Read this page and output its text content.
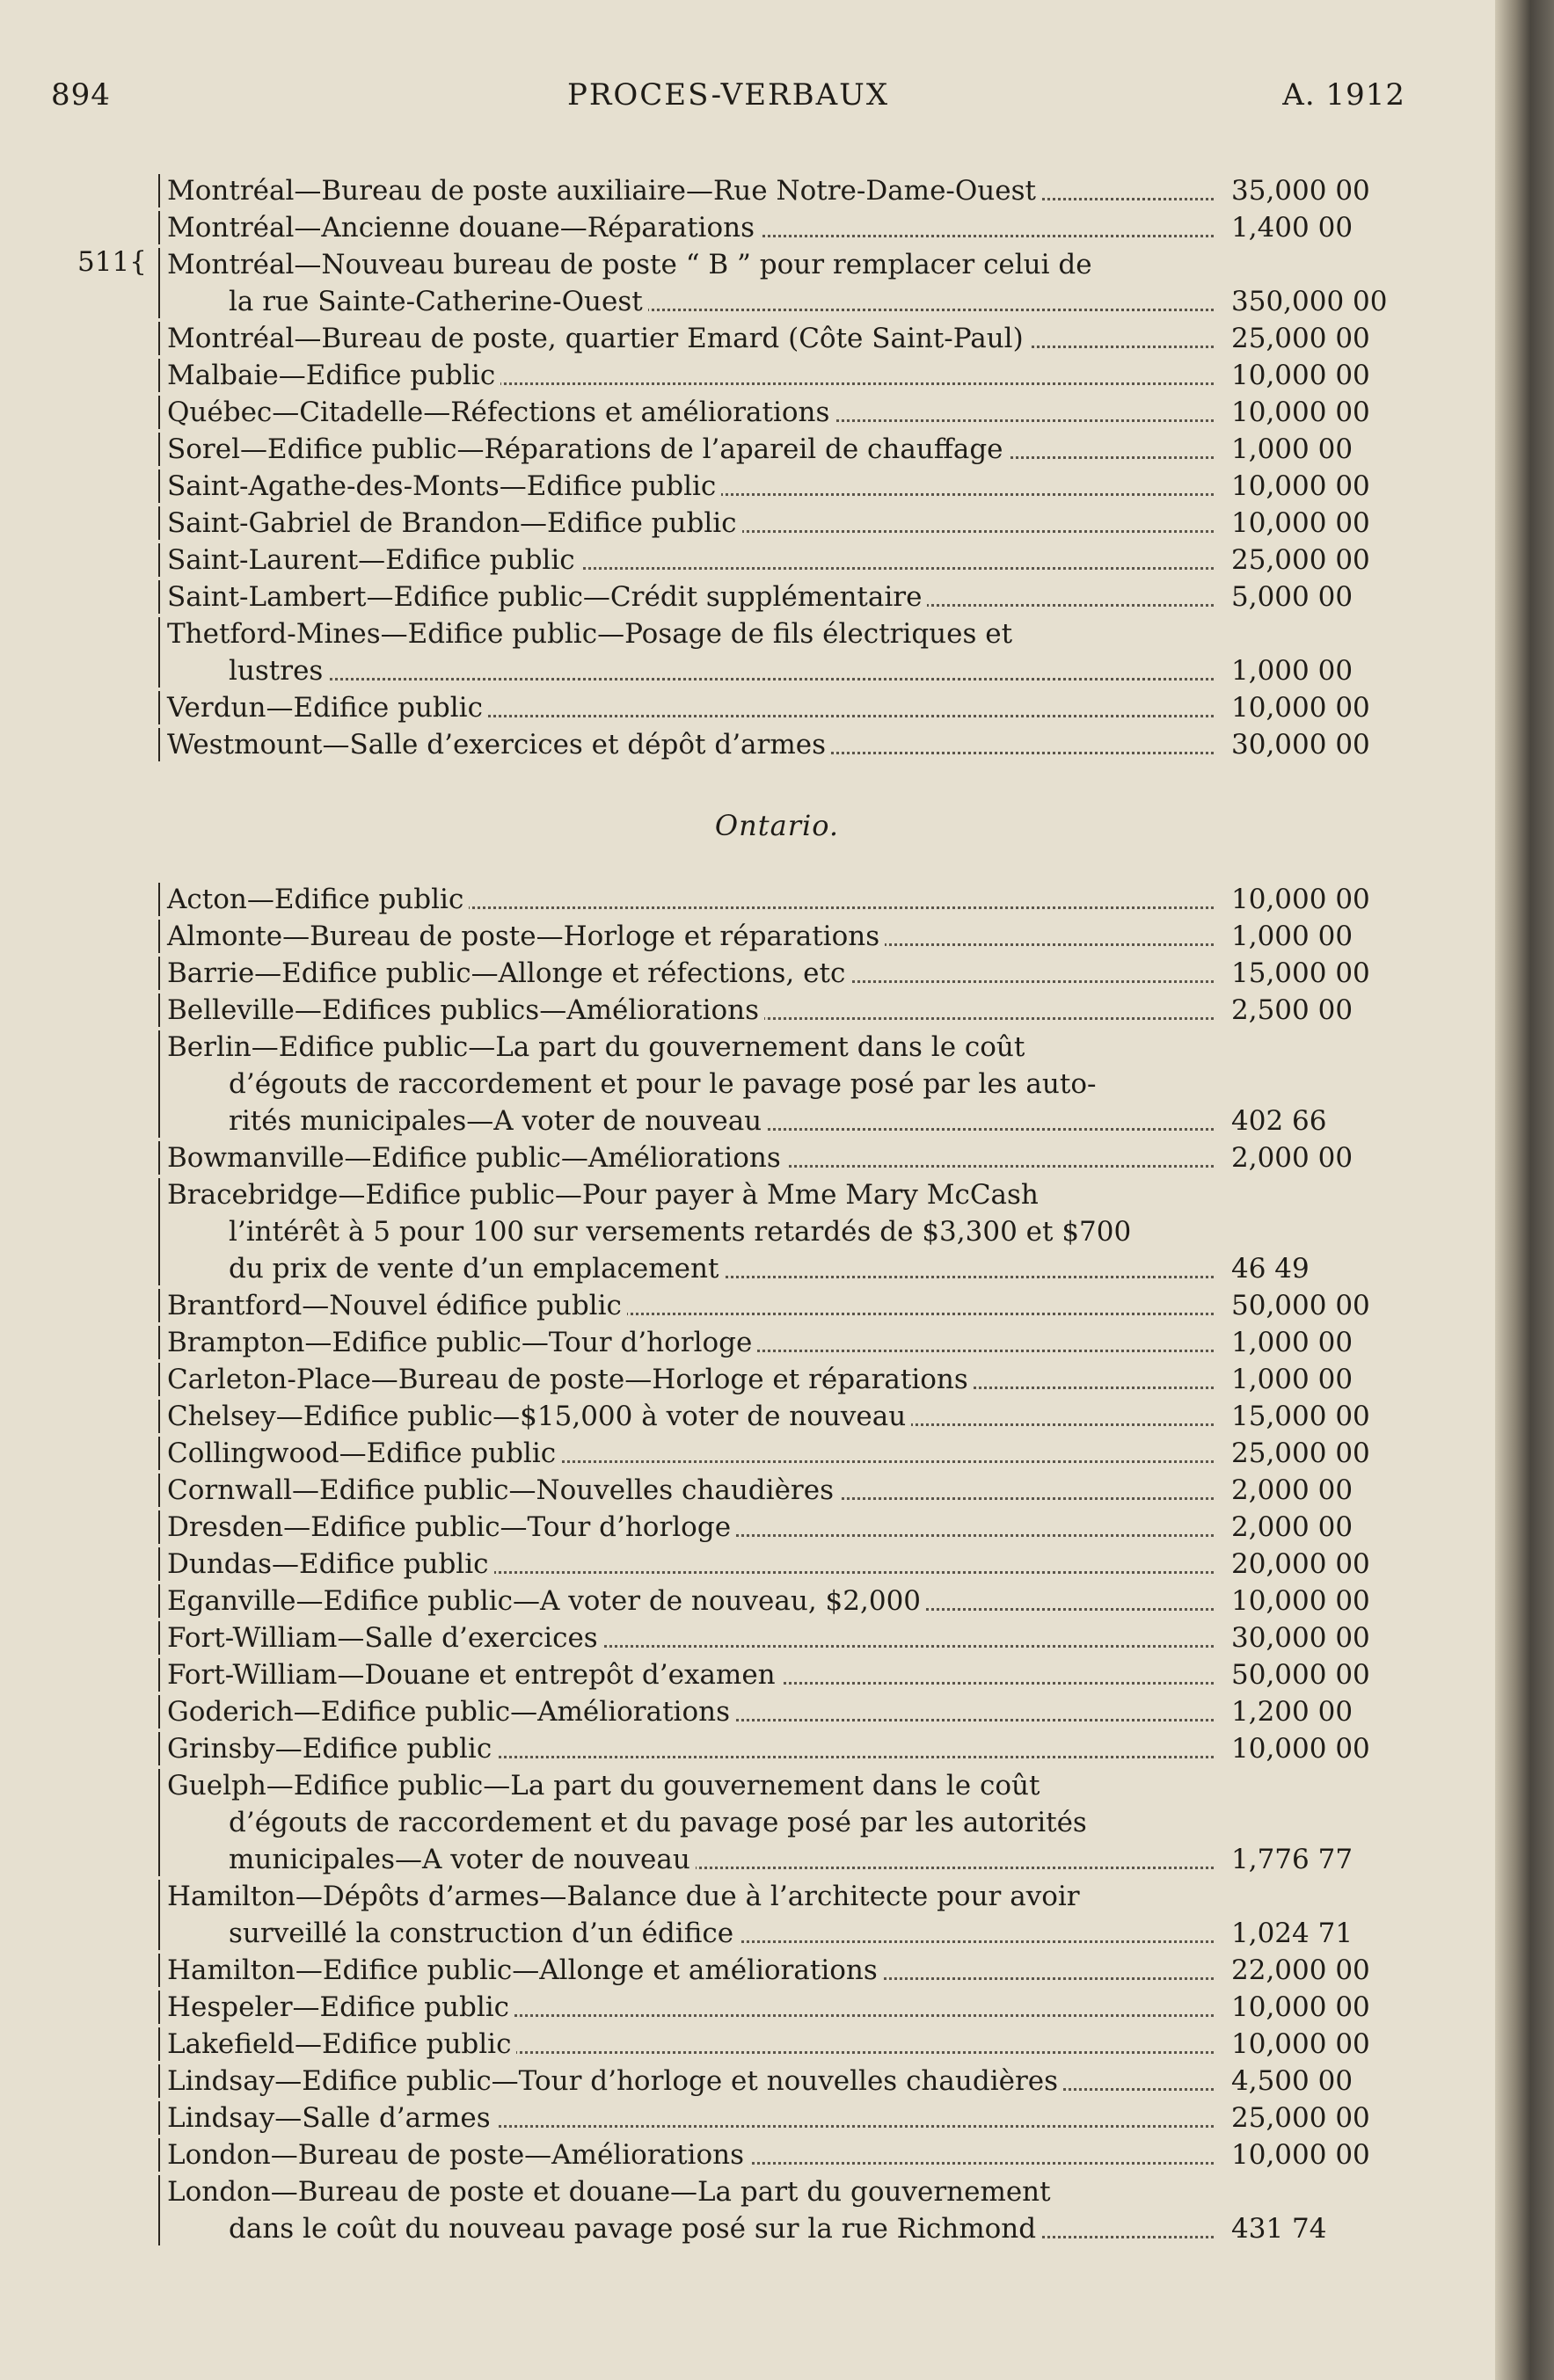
894	PROCES-VERBAUX	A. 1912
511{
Montréal—Bureau de poste auxiliaire—Rue Notre-Dame-Ouest	35,000 00
Montréal—Ancienne douane—Réparations	1,400 00
Montréal—Nouveau bureau de poste “ B ” pour remplacer celui de
la rue Sainte-Catherine-Ouest	350,000 00
Montréal—Bureau de poste, quartier Emard (Côte Saint-Paul)	25,000 00
Malbaie—Edifice public	10,000 00
Québec—Citadelle—Réfections et améliorations	10,000 00
Sorel—Edifice public—Réparations de l’apareil de chauffage	1,000 00
Saint-Agathe-des-Monts—Edifice public	10,000 00
Saint-Gabriel de Brandon—Edifice public	10,000 00
Saint-Laurent—Edifice public	25,000 00
Saint-Lambert—Edifice public—Crédit supplémentaire	5,000 00
Thetford-Mines—Edifice public—Posage de fils électriques et
lustres	1,000 00
Verdun—Edifice public	10,000 00
Westmount—Salle d’exercices et dépôt d’armes	30,000 00
Ontario.
Acton—Edifice public	10,000 00
Almonte—Bureau de poste—Horloge et réparations	1,000 00
Barrie—Edifice public—Allonge et réfections, etc	15,000 00
Belleville—Edifices publics—Améliorations	2,500 00
Berlin—Edifice public—La part du gouvernement dans le coût
d’égouts de raccordement et pour le pavage posé par les auto-
rités municipales—A voter de nouveau	402 66
Bowmanville—Edifice public—Améliorations	2,000 00
Bracebridge—Edifice public—Pour payer à Mme Mary McCash
l’intérêt à 5 pour 100 sur versements retardés de $3,300 et $700
du prix de vente d’un emplacement	46 49
Brantford—Nouvel édifice public	50,000 00
Brampton—Edifice public—Tour d’horloge	1,000 00
Carleton-Place—Bureau de poste—Horloge et réparations	1,000 00
Chelsey—Edifice public—$15,000 à voter de nouveau	15,000 00
Collingwood—Edifice public	25,000 00
Cornwall—Edifice public—Nouvelles chaudières	2,000 00
Dresden—Edifice public—Tour d’horloge	2,000 00
Dundas—Edifice public	20,000 00
Eganville—Edifice public—A voter de nouveau, $2,000	10,000 00
Fort-William—Salle d’exercices	30,000 00
Fort-William—Douane et entrepôt d’examen	50,000 00
Goderich—Edifice public—Améliorations	1,200 00
Grinsby—Edifice public	10,000 00
Guelph—Edifice public—La part du gouvernement dans le coût
d’égouts de raccordement et du pavage posé par les autorités
municipales—A voter de nouveau	1,776 77
Hamilton—Dépôts d’armes—Balance due à l’architecte pour avoir
surveillé la construction d’un édifice	1,024 71
Hamilton—Edifice public—Allonge et améliorations	22,000 00
Hespeler—Edifice public	10,000 00
Lakefield—Edifice public	10,000 00
Lindsay—Edifice public—Tour d’horloge et nouvelles chaudières	4,500 00
Lindsay—Salle d’armes	25,000 00
London—Bureau de poste—Améliorations	10,000 00
London—Bureau de poste et douane—La part du gouvernement
dans le coût du nouveau pavage posé sur la rue Richmond	431 74
